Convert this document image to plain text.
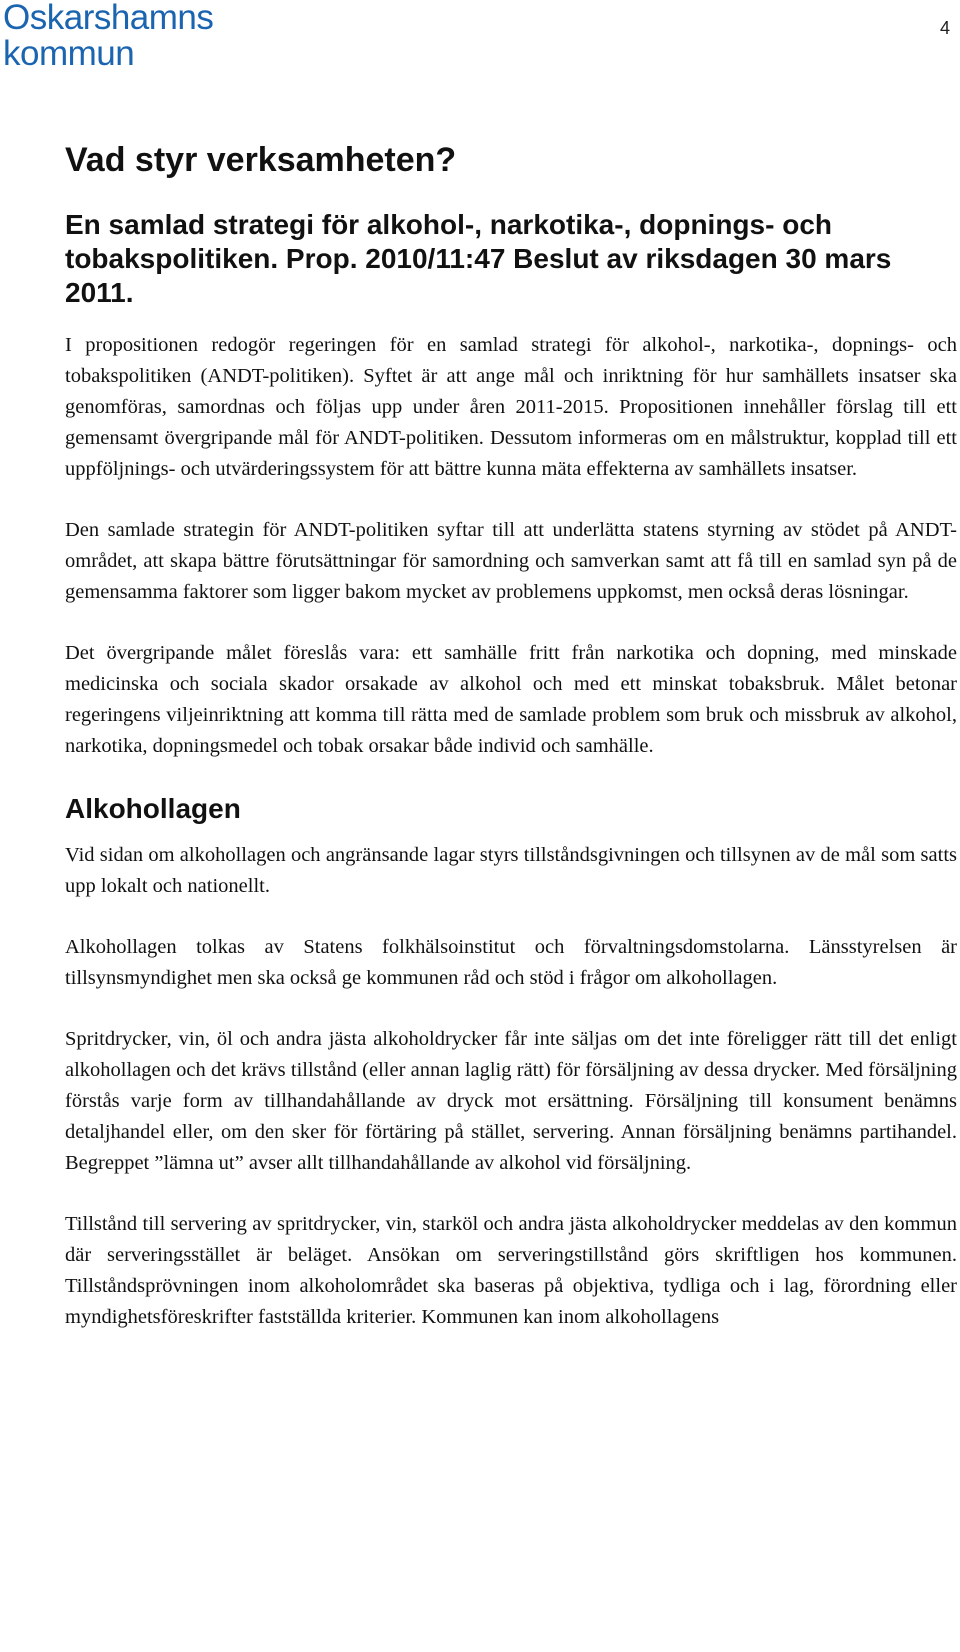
Oskarshamns
kommun
4
Vad styr verksamheten?
En samlad strategi för alkohol-, narkotika-, dopnings- och tobakspolitiken. Prop. 2010/11:47 Beslut av riksdagen 30 mars 2011.

I propositionen redogör regeringen för en samlad strategi för alkohol-, narkotika-, dopnings- och tobakspolitiken (ANDT-politiken). Syftet är att ange mål och inriktning för hur samhällets insatser ska genomföras, samordnas och följas upp under åren 2011-2015. Propositionen innehåller förslag till ett gemensamt övergripande mål för ANDT-politiken. Dessutom informeras om en målstruktur, kopplad till ett uppföljnings- och utvärderingssystem för att bättre kunna mäta effekterna av samhällets insatser.

Den samlade strategin för ANDT-politiken syftar till att underlätta statens styrning av stödet på ANDT-området, att skapa bättre förutsättningar för samordning och samverkan samt att få till en samlad syn på de gemensamma faktorer som ligger bakom mycket av problemens uppkomst, men också deras lösningar.

Det övergripande målet föreslås vara: ett samhälle fritt från narkotika och dopning, med minskade medicinska och sociala skador orsakade av alkohol och med ett minskat tobaksbruk. Målet betonar regeringens viljeinriktning att komma till rätta med de samlade problem som bruk och missbruk av alkohol, narkotika, dopningsmedel och tobak orsakar både individ och samhälle.

Alkohollagen

Vid sidan om alkohollagen och angränsande lagar styrs tillståndsgivningen och tillsynen av de mål som satts upp lokalt och nationellt.

Alkohollagen tolkas av Statens folkhälsoinstitut och förvaltningsdomstolarna. Länsstyrelsen är tillsynsmyndighet men ska också ge kommunen råd och stöd i frågor om alkohollagen.

Spritdrycker, vin, öl och andra jästa alkoholdrycker får inte säljas om det inte föreligger rätt till det enligt alkohollagen och det krävs tillstånd (eller annan laglig rätt) för försäljning av dessa drycker. Med försäljning förstås varje form av tillhandahållande av dryck mot ersättning. Försäljning till konsument benämns detaljhandel eller, om den sker för förtäring på stället, servering. Annan försäljning benämns partihandel. Begreppet ”lämna ut” avser allt tillhandahållande av alkohol vid försäljning.

Tillstånd till servering av spritdrycker, vin, starköl och andra jästa alkoholdrycker meddelas av den kommun där serveringsstället är beläget. Ansökan om serveringstillstånd görs skriftligen hos kommunen. Tillståndsprövningen inom alkoholområdet ska baseras på objektiva, tydliga och i lag, förordning eller myndighetsföreskrifter fastställda kriterier. Kommunen kan inom alkohollagens
